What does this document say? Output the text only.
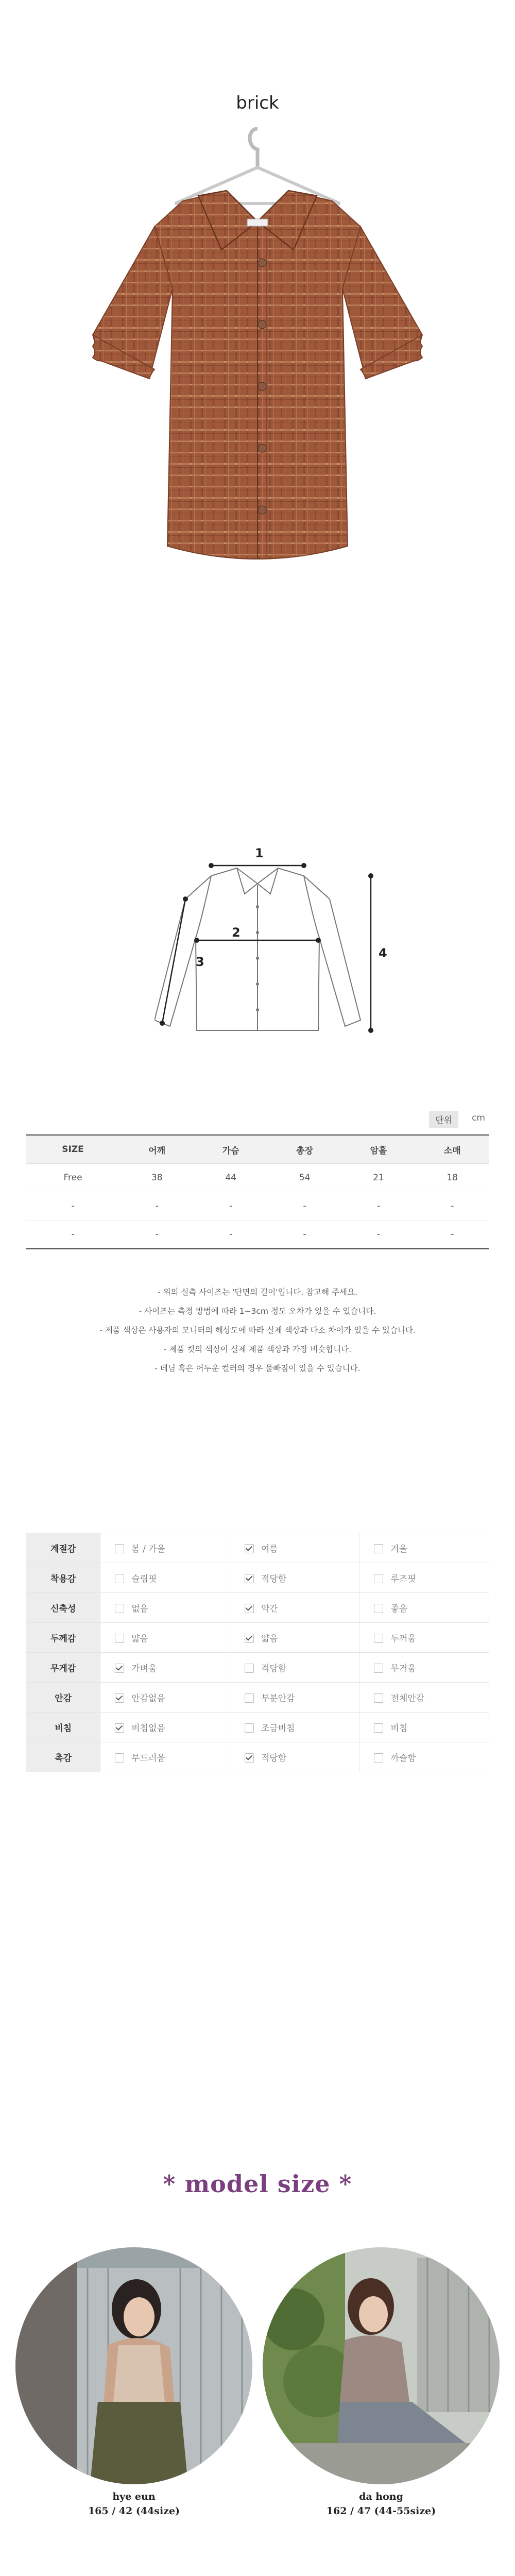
brick
1
2
3
4
단위	cm
SIZE	어깨	가슴	총장	암홀	소매
Free	38	44	54	21	18
-	-	-	-	-	-
-	-	-	-	-	-
- 위의 실측 사이즈는 '단면의 길이'입니다. 참고해 주세요.
- 사이즈는 측정 방법에 따라 1~3cm 정도 오차가 있을 수 있습니다.
- 제품 색상은 사용자의 모니터의 해상도에 따라 실제 색상과 다소 차이가 있을 수 있습니다.
- 제품 컷의 색상이 실제 제품 색상과 가장 비슷합니다.
- 데님 혹은 어두운 컬러의 경우 물빠짐이 있을 수 있습니다.
계절감	봄 / 가을	여름	겨울
착용감	슬림핏	적당함	루즈핏
신축성	없음	약간	좋음
두께감	얇음	얇음	두꺼움
무게감	가벼움	적당함	무거움
안감	안감없음	부분안감	전체안감
비침	비침없음	조금비침	비침
촉감	부드러움	적당함	까슬함
* model size *
hye eun
165 / 42 (44size)
da hong
162 / 47 (44-55size)
